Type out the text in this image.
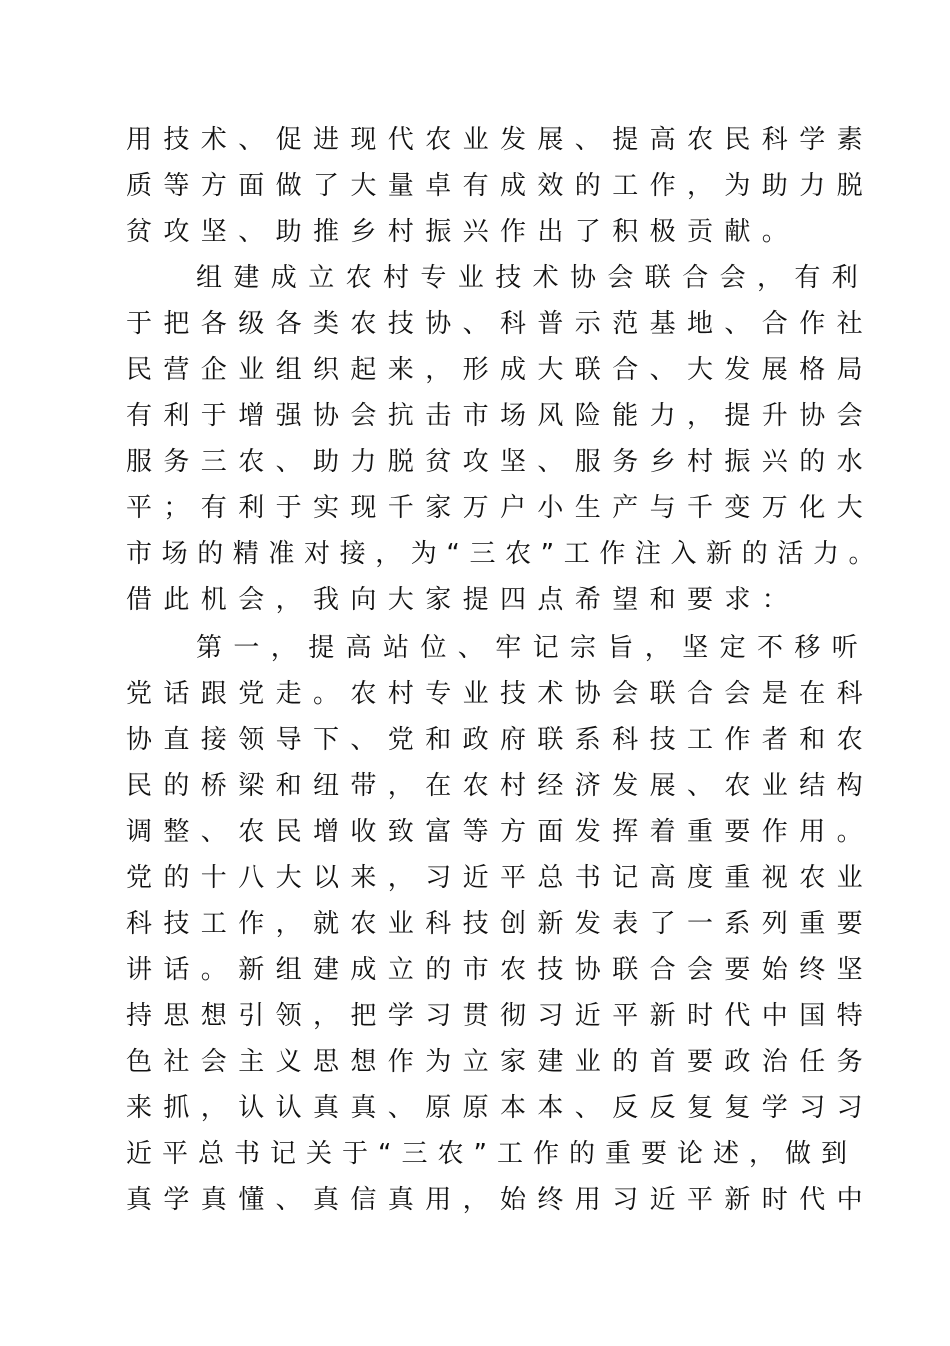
用技术、促进现代农业发展、提高农民科学素
质等方面做了大量卓有成效的工作，为助力脱
贫攻坚、助推乡村振兴作出了积极贡献。
组建成立农村专业技术协会联合会，有利
于把各级各类农技协、科普示范基地、合作社
民营企业组织起来，形成大联合、大发展格局
有利于增强协会抗击市场风险能力，提升协会
服务三农、助力脱贫攻坚、服务乡村振兴的水
平；有利于实现千家万户小生产与千变万化大
市场的精准对接，为“三农”工作注入新的活力。
借此机会，我向大家提四点希望和要求：
第一，提高站位、牢记宗旨，坚定不移听
党话跟党走。农村专业技术协会联合会是在科
协直接领导下、党和政府联系科技工作者和农
民的桥梁和纽带，在农村经济发展、农业结构
调整、农民增收致富等方面发挥着重要作用。
党的十八大以来，习近平总书记高度重视农业
科技工作，就农业科技创新发表了一系列重要
讲话。新组建成立的市农技协联合会要始终坚
持思想引领，把学习贯彻习近平新时代中国特
色社会主义思想作为立家建业的首要政治任务
来抓，认认真真、原原本本、反反复复学习习
近平总书记关于“三农”工作的重要论述，做到
真学真懂、真信真用，始终用习近平新时代中
